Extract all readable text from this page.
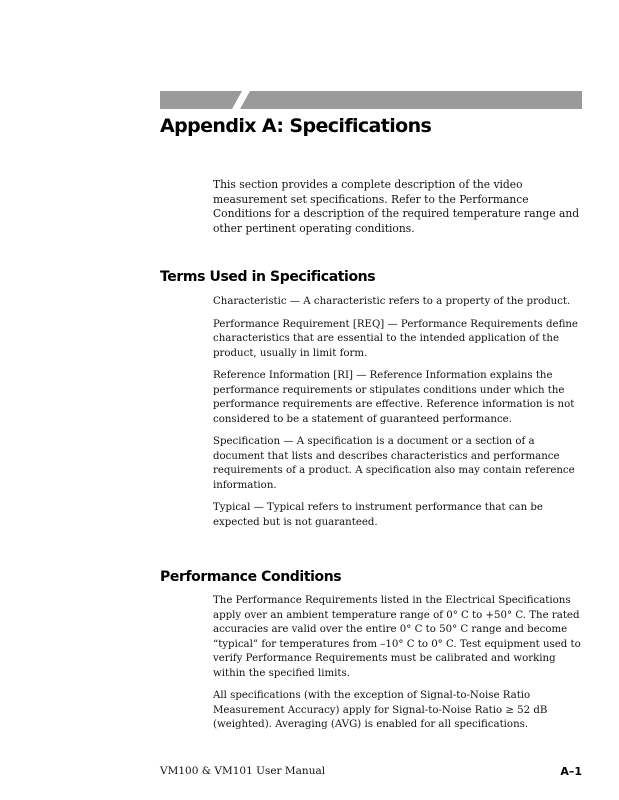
Appendix A: Specifications

This section provides a complete description of the video measurement set specifications. Refer to the Performance Conditions for a description of the required temperature range and other pertinent operating conditions.

Terms Used in Specifications

Characteristic — A characteristic refers to a property of the product.

Performance Requirement [REQ] — Performance Requirements define characteristics that are essential to the intended application of the product, usually in limit form.

Reference Information [RI] — Reference Information explains the performance requirements or stipulates conditions under which the performance requirements are effective. Reference information is not considered to be a statement of guaranteed performance.

Specification — A specification is a document or a section of a document that lists and describes characteristics and performance requirements of a product. A specification also may contain reference information.

Typical — Typical refers to instrument performance that can be expected but is not guaranteed.

Performance Conditions

The Performance Requirements listed in the Electrical Specifications apply over an ambient temperature range of 0° C to +50° C. The rated accuracies are valid over the entire 0° C to 50° C range and become “typical” for temperatures from –10° C to 0° C. Test equipment used to verify Performance Requirements must be calibrated and working within the specified limits.

All specifications (with the exception of Signal-to-Noise Ratio Measurement Accuracy) apply for Signal-to-Noise Ratio ≥ 52 dB (weighted). Averaging (AVG) is enabled for all specifications.

VM100 & VM101 User Manual	A–1
